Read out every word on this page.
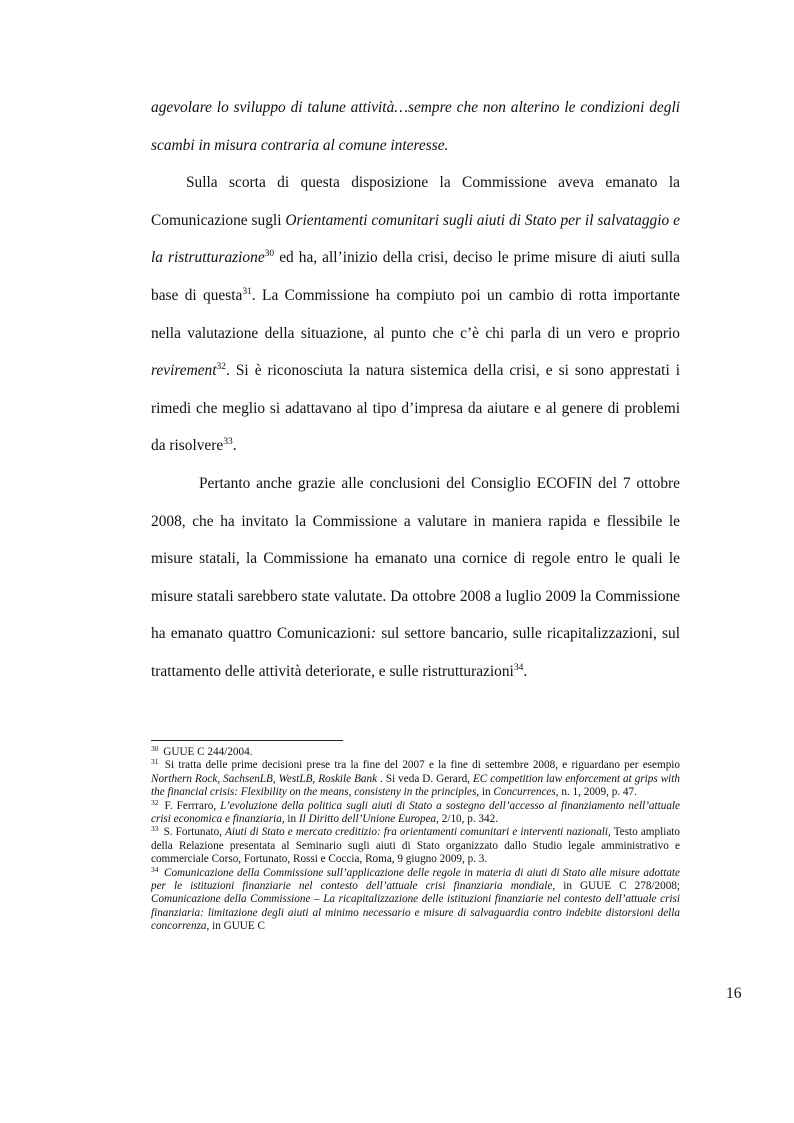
agevolare lo sviluppo di talune attività…sempre che non alterino le condizioni degli scambi in misura contraria al comune interesse.

Sulla scorta di questa disposizione la Commissione aveva emanato la Comunicazione sugli Orientamenti comunitari sugli aiuti di Stato per il salvataggio e la ristrutturazione$^{30}$ ed ha, all’inizio della crisi, deciso le prime misure di aiuti sulla base di questa$^{31}$. La Commissione ha compiuto poi un cambio di rotta importante nella valutazione della situazione, al punto che c’è chi parla di un vero e proprio revirement$^{32}$. Si è riconosciuta la natura sistemica della crisi, e si sono apprestati i rimedi che meglio si adattavano al tipo d’impresa da aiutare e al genere di problemi da risolvere$^{33}$.

Pertanto anche grazie alle conclusioni del Consiglio ECOFIN del 7 ottobre 2008, che ha invitato la Commissione a valutare in maniera rapida e flessibile le misure statali, la Commissione ha emanato una cornice di regole entro le quali le misure statali sarebbero state valutate. Da ottobre 2008 a luglio 2009 la Commissione ha emanato quattro Comunicazioni: sul settore bancario, sulle ricapitalizzazioni, sul trattamento delle attività deteriorate, e sulle ristrutturazioni$^{34}$.

$^{30}$ GUUE C 244/2004.

$^{31}$ Si tratta delle prime decisioni prese tra la fine del 2007 e la fine di settembre 2008, e riguardano per esempio Northern Rock, SachsenLB, WestLB, Roskile Bank . Si veda D. Gerard, EC competition law enforcement at grips with the financial crisis: Flexibility on the means, consisteny in the principles, in Concurrences, n. 1, 2009, p. 47.

$^{32}$ F. Ferrraro, L’evoluzione della politica sugli aiuti di Stato a sostegno dell’accesso al finanziamento nell’attuale crisi economica e finanziaria, in Il Diritto dell’Unione Europea, 2/10, p. 342.

$^{33}$ S. Fortunato, Aiuti di Stato e mercato creditizio: fra orientamenti comunitari e interventi nazionali, Testo ampliato della Relazione presentata al Seminario sugli aiuti di Stato organizzato dallo Studio legale amministrativo e commerciale Corso, Fortunato, Rossi e Coccia, Roma, 9 giugno 2009, p. 3.

$^{34}$ Comunicazione della Commissione sull’applicazione delle regole in materia di aiuti di Stato alle misure adottate per le istituzioni finanziarie nel contesto dell’attuale crisi finanziaria mondiale, in GUUE C 278/2008; Comunicazione della Commissione – La ricapitalizzazione delle istituzioni finanziarie nel contesto dell’attuale crisi finanziaria: limitazione degli aiuti al minimo necessario e misure di salvaguardia contro indebite distorsioni della concorrenza, in GUUE C

16
